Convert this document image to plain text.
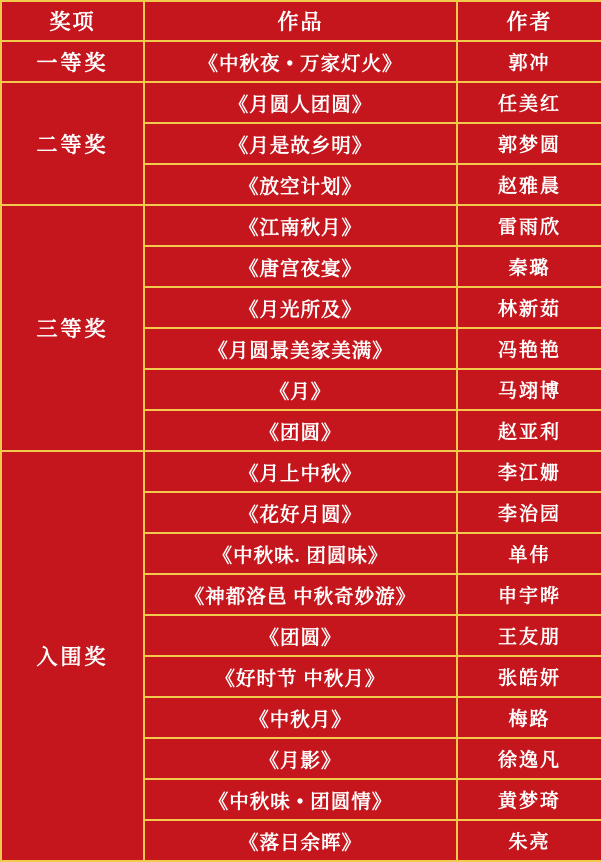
奖项	作品	作者
一等奖	《中秋夜 • 万家灯火》	郭冲
二等奖	《月圆人团圆》	任美红
	《月是故乡明》	郭梦圆
	《放空计划》	赵雅晨
三等奖	《江南秋月》	雷雨欣
	《唐宫夜宴》	秦璐
	《月光所及》	林新茹
	《月圆景美家美满》	冯艳艳
	《月》	马翊博
	《团圆》	赵亚利
入围奖	《月上中秋》	李江姗
	《花好月圆》	李治园
	《中秋味. 团圆味》	单伟
	《神都洛邑 中秋奇妙游》	申宇晔
	《团圆》	王友朋
	《好时节 中秋月》	张皓妍
	《中秋月》	梅路
	《月影》	徐逸凡
	《中秋味 • 团圆情》	黄梦琦
	《落日余晖》	朱亮
